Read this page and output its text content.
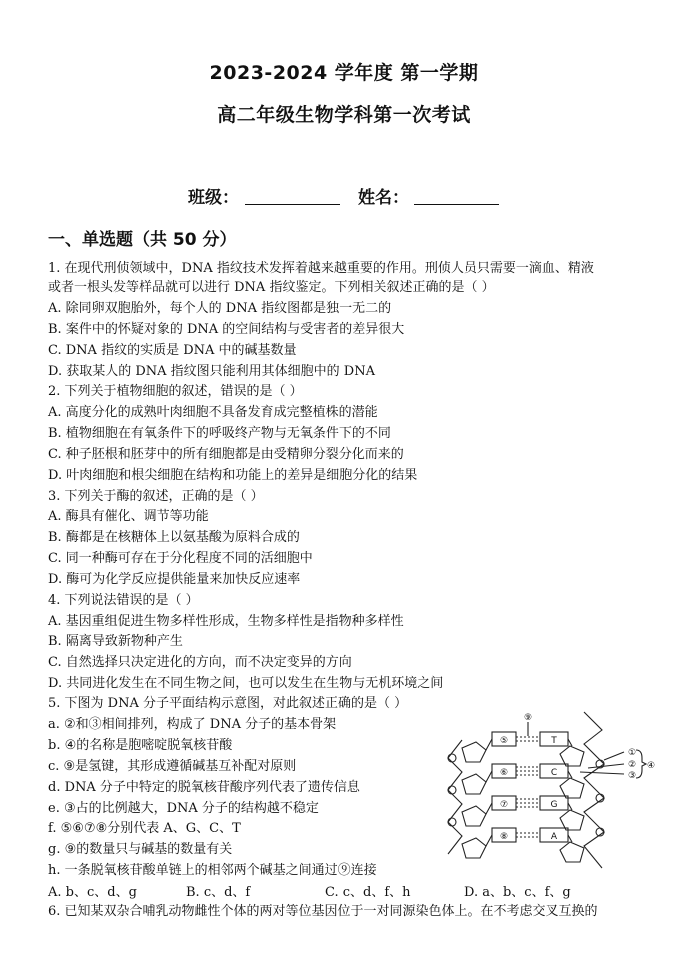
2023-2024 学年度 第一学期
高二年级生物学科第一次考试
班级：	姓名：
一、单选题（共 50 分）
1. 在现代刑侦领域中，DNA 指纹技术发挥着越来越重要的作用。刑侦人员只需要一滴血、精液
或者一根头发等样品就可以进行 DNA 指纹鉴定。下列相关叙述正确的是（ ）
A. 除同卵双胞胎外，每个人的 DNA 指纹图都是独一无二的
B. 案件中的怀疑对象的 DNA 的空间结构与受害者的差异很大
C. DNA 指纹的实质是 DNA 中的碱基数量
D. 获取某人的 DNA 指纹图只能利用其体细胞中的 DNA
2. 下列关于植物细胞的叙述，错误的是（ ）
A. 高度分化的成熟叶肉细胞不具备发育成完整植株的潜能
B. 植物细胞在有氧条件下的呼吸终产物与无氧条件下的不同
C. 种子胚根和胚芽中的所有细胞都是由受精卵分裂分化而来的
D. 叶肉细胞和根尖细胞在结构和功能上的差异是细胞分化的结果
3. 下列关于酶的叙述，正确的是（ ）
A. 酶具有催化、调节等功能
B. 酶都是在核糖体上以氨基酸为原料合成的
C. 同一种酶可存在于分化程度不同的活细胞中
D. 酶可为化学反应提供能量来加快反应速率
4. 下列说法错误的是（ ）
A. 基因重组促进生物多样性形成，生物多样性是指物种多样性
B. 隔离导致新物种产生
C. 自然选择只决定进化的方向，而不决定变异的方向
D. 共同进化发生在不同生物之间，也可以发生在生物与无机环境之间
5. 下图为 DNA 分子平面结构示意图，对此叙述正确的是（ ）
a. ②和③相间排列，构成了 DNA 分子的基本骨架
b. ④的名称是胞嘧啶脱氧核苷酸
c. ⑨是氢键，其形成遵循碱基互补配对原则
d. DNA 分子中特定的脱氧核苷酸序列代表了遗传信息
e. ③占的比例越大，DNA 分子的结构越不稳定
f. ⑤⑥⑦⑧分别代表 A、G、C、T
g. ⑨的数量只与碱基的数量有关
h. 一条脱氧核苷酸单链上的相邻两个碱基之间通过⑨连接
A. b、c、d、g	B. c、d、f	C. c、d、f、h	D. a、b、c、f、g
6. 已知某双杂合哺乳动物雌性个体的两对等位基因位于一对同源染色体上。在不考虑交叉互换的
⑤
⑥
⑦
⑧
T
C
G
A
⑨
①
②
③
④
